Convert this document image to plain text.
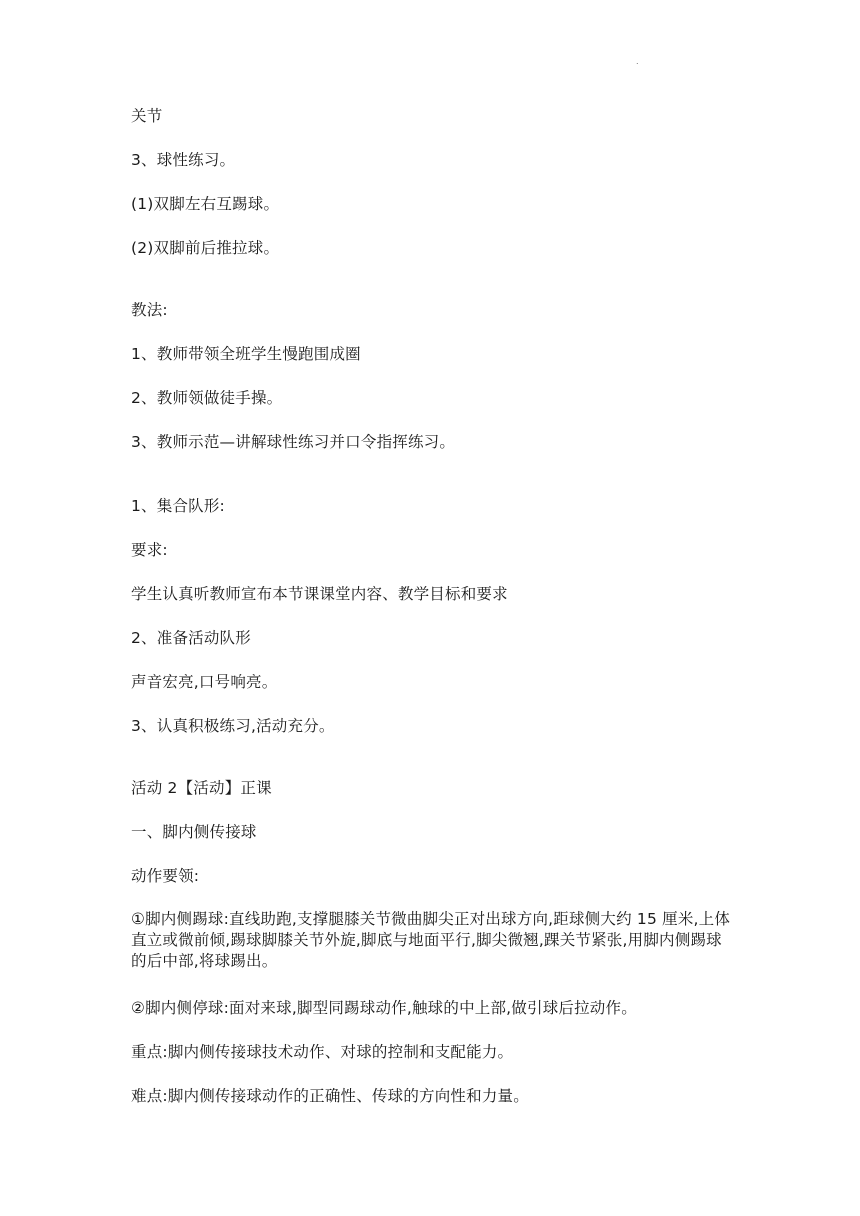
.
关节
3、球性练习。
(1)双脚左右互踢球。
(2)双脚前后推拉球。
教法:
1、教师带领全班学生慢跑围成圈
2、教师领做徒手操。
3、教师示范—讲解球性练习并口令指挥练习。
1、集合队形:
要求:
学生认真听教师宣布本节课课堂内容、教学目标和要求
2、准备活动队形
声音宏亮,口号响亮。
3、认真积极练习,活动充分。
活动 2【活动】正课
一、脚内侧传接球
动作要领:
①脚内侧踢球:直线助跑,支撑腿膝关节微曲脚尖正对出球方向,距球侧大约 15 厘米,上体直立或微前倾,踢球脚膝关节外旋,脚底与地面平行,脚尖微翘,踝关节紧张,用脚内侧踢球的后中部,将球踢出。
②脚内侧停球:面对来球,脚型同踢球动作,触球的中上部,做引球后拉动作。
重点:脚内侧传接球技术动作、对球的控制和支配能力。
难点:脚内侧传接球动作的正确性、传球的方向性和力量。
